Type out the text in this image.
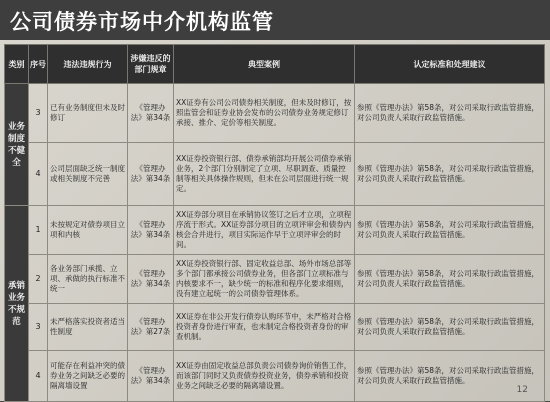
公司债券市场中介机构监管
类别	序号	违法违规行为	涉嫌违反的部门规章	典型案例	认定标准和处理建议
业务制度不健全	3	已有业务制度但未及时修订	《管理办法》第34条	XX证券有公司公司债券相关制度，但未及时修订，按照监管会和证券业协会发布的公司债券业务规定修订承接、推介、定价等相关制度。	参照《管理办法》第58条，对公司采取行政监管措施，对公司负责人采取行政监管措施。
	4	公司层面缺乏统一制度或相关制度不完善	《管理办法》第34条	XX证券投资银行部、债券承销部均开展公司债券承销业务，2个部门分别制定了立项、尽职调查、质量控制等相关具体操作规则，但未在公司层面进行统一规定。	参照《管理办法》第58条，对公司采取行政监管措施，对公司负责人采取行政监管措施。
承销业务不规范	1	未按规定对债券项目立项和内核	《管理办法》第34条	XX证券部分项目在承销协议签订之后才立项，立项程序流于形式。XX证券部分项目的立项评审会和债券内核会合并进行，项目实际运作早于立项评审会的时间。	参照《管理办法》第58条，对公司采取行政监管措施，对公司负责人采取行政监管措施。
	2	各业务部门承揽、立项、承做的执行标准不统一	《管理办法》第34条	XX证券投资银行部、固定收益总部、场外市场总部等多个部门都承接公司债券业务，但各部门立项标准与内核要求不一，缺少统一的标准和程序化要求细则，没有建立起统一的公司债券管理体系。	参照《管理办法》第58条，对公司采取行政监管措施，对公司负责人采取行政监管措施。
	3	未严格落实投资者适当性制度	《管理办法》第27条	XX证券在非公开发行债券认购环节中，未严格对合格投资者身份进行审查，也未制定合格投资者身份的审查机制。	参照《管理办法》第58条，对公司采取行政监管措施，对公司负责人采取行政监管措施。
	4	可能存在利益冲突的债券业务之间缺乏必要的隔离墙设置	《管理办法》第34条	XX证券由固定收益总部负责公司债券询价销售工作，而该部门同时又负责债券投资业务，债券承销和投资业务之间缺乏必要的隔离墙设置。	参照《管理办法》第58条，对公司采取行政监管措施，对公司负责人采取行政监管措施。
12
